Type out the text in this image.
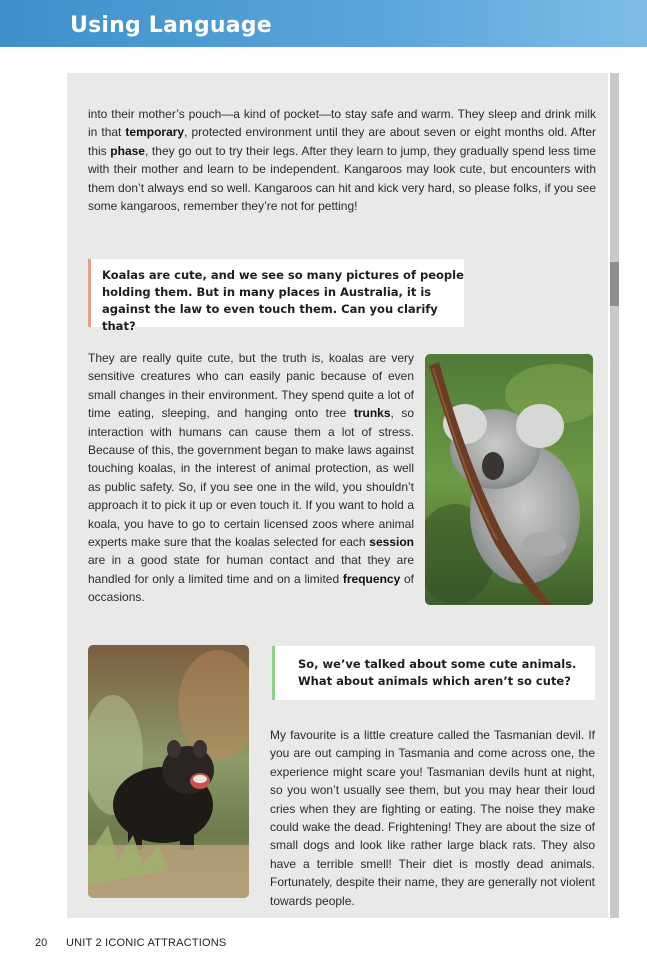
Using Language
into their mother’s pouch—a kind of pocket—to stay safe and warm. They sleep and drink milk in that temporary, protected environment until they are about seven or eight months old. After this phase, they go out to try their legs. After they learn to jump, they gradually spend less time with their mother and learn to be independent. Kangaroos may look cute, but encounters with them don’t always end so well. Kangaroos can hit and kick very hard, so please folks, if you see some kangaroos, remember they’re not for petting!
Koalas are cute, and we see so many pictures of people holding them. But in many places in Australia, it is against the law to even touch them. Can you clarify that?
They are really quite cute, but the truth is, koalas are very sensitive creatures who can easily panic because of even small changes in their environment. They spend quite a lot of time eating, sleeping, and hanging onto tree trunks, so interaction with humans can cause them a lot of stress. Because of this, the government began to make laws against touching koalas, in the interest of animal protection, as well as public safety. So, if you see one in the wild, you shouldn’t approach it to pick it up or even touch it. If you want to hold a koala, you have to go to certain licensed zoos where animal experts make sure that the koalas selected for each session are in a good state for human contact and that they are handled for only a limited time and on a limited frequency of occasions.
So, we’ve talked about some cute animals.
What about animals which aren’t so cute?
My favourite is a little creature called the Tasmanian devil. If you are out camping in Tasmania and come across one, the experience might scare you! Tasmanian devils hunt at night, so you won’t usually see them, but you may hear their loud cries when they are fighting or eating. The noise they make could wake the dead. Frightening! They are about the size of small dogs and look like rather large black rats. They also have a terrible smell! Their diet is mostly dead animals. Fortunately, despite their name, they are generally not violent towards people.
20 UNIT 2 ICONIC ATTRACTIONS
